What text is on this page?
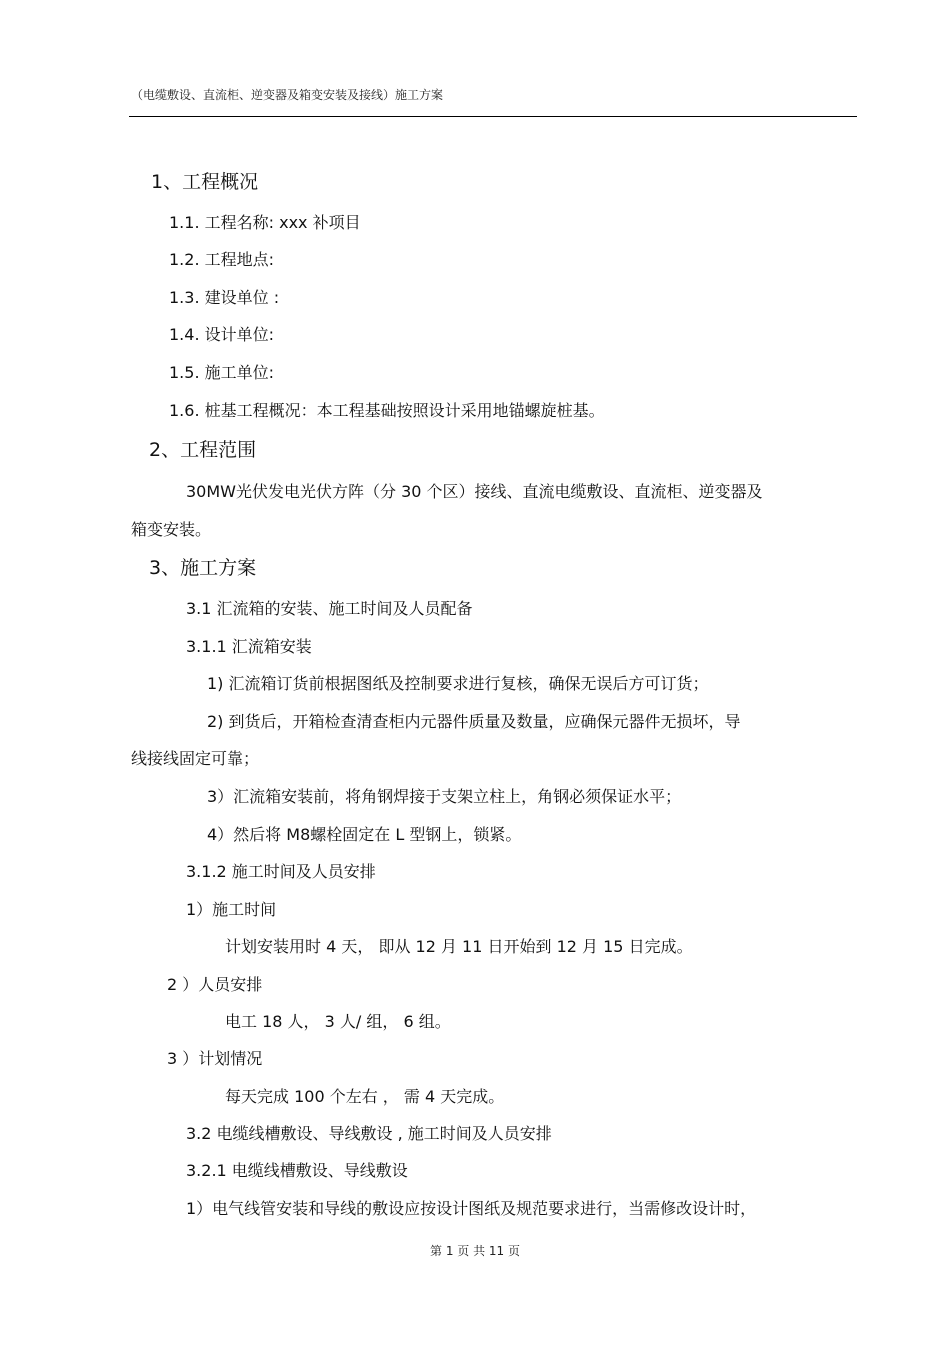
（电缆敷设、直流柜、逆变器及箱变安装及接线）施工方案
1、工程概况
1.1. 工程名称: xxx 补项目
1.2. 工程地点:
1.3. 建设单位 :
1.4. 设计单位:
1.5. 施工单位:
1.6. 桩基工程概况：本工程基础按照设计采用地锚螺旋桩基。
2、工程范围
30MW光伏发电光伏方阵（分 30 个区）接线、直流电缆敷设、直流柜、逆变器及
箱变安装。
3、施工方案
3.1 汇流箱的安装、施工时间及人员配备
3.1.1 汇流箱安装
1) 汇流箱订货前根据图纸及控制要求进行复核，确保无误后方可订货；
2) 到货后，开箱检查清查柜内元器件质量及数量，应确保元器件无损坏，导
线接线固定可靠；
3）汇流箱安装前，将角钢焊接于支架立柱上，角钢必须保证水平；
4）然后将 M8螺栓固定在 L 型钢上，锁紧。
3.1.2 施工时间及人员安排
1）施工时间
计划安装用时 4 天， 即从 12 月 11 日开始到 12 月 15 日完成。
2 ）人员安排
电工 18 人， 3 人/ 组， 6 组。
3 ）计划情况
每天完成 100 个左右 ， 需 4 天完成。
3.2 电缆线槽敷设、导线敷设 , 施工时间及人员安排
3.2.1 电缆线槽敷设、导线敷设
1）电气线管安装和导线的敷设应按设计图纸及规范要求进行，当需修改设计时，
第 1 页 共 11 页
